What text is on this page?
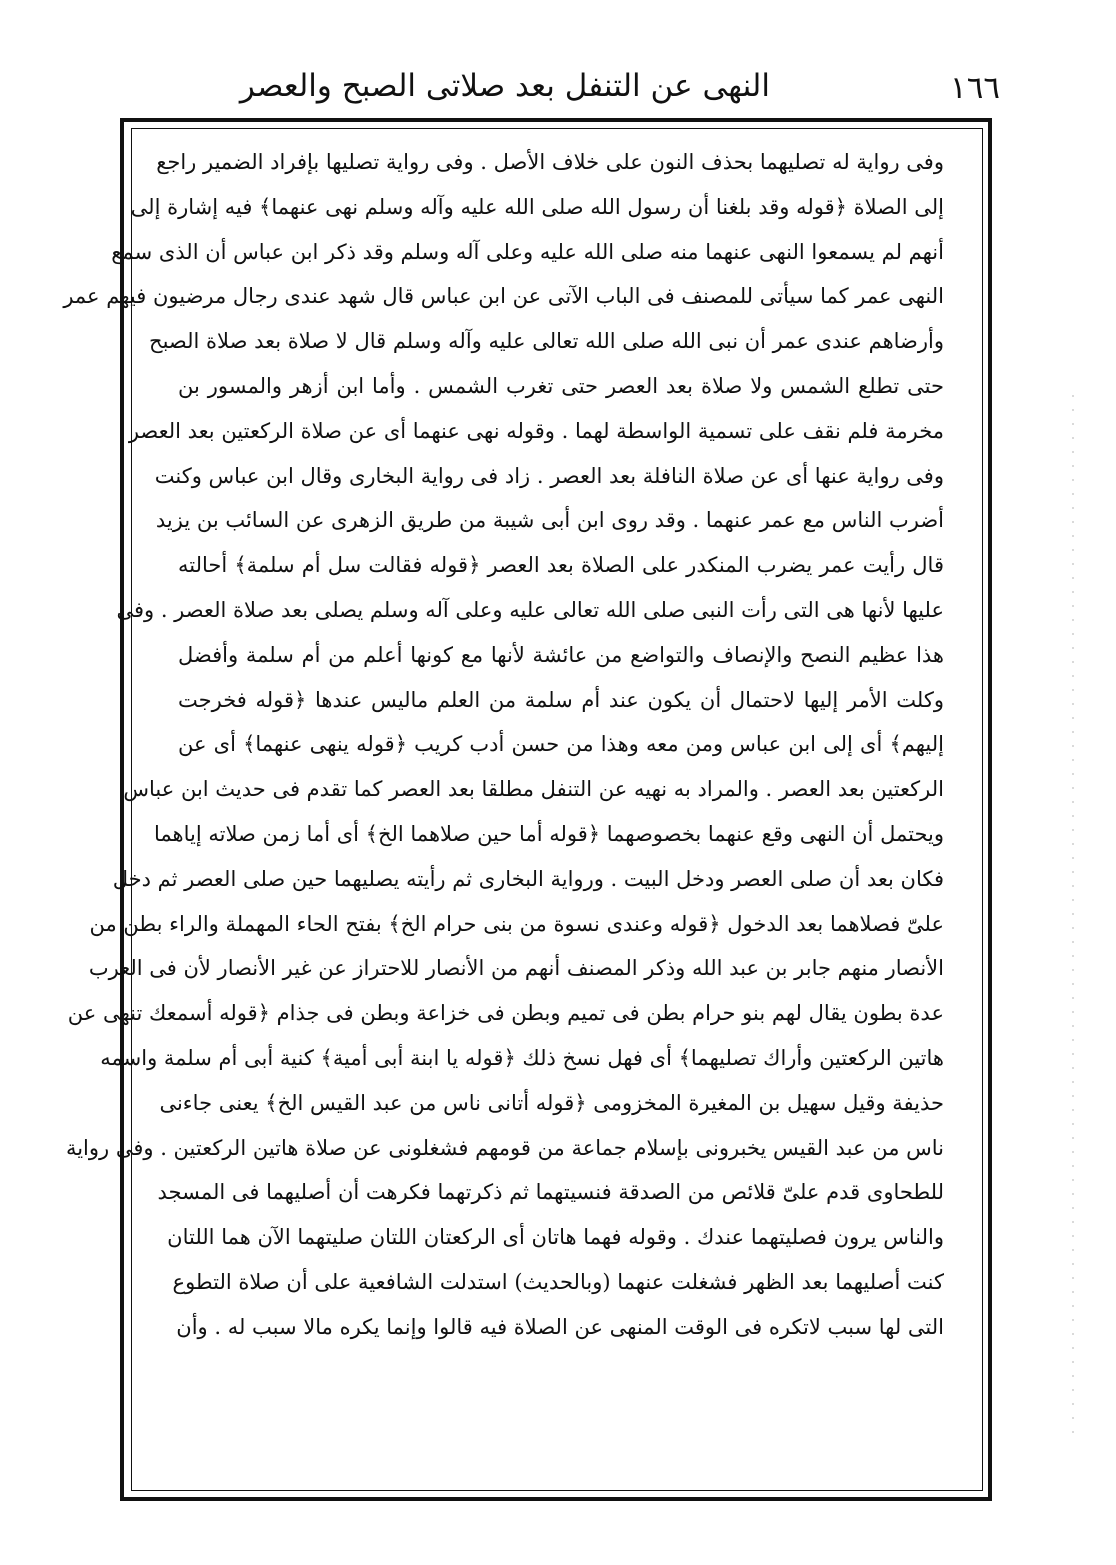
النهى عن التنفل بعد صلاتى الصبح والعصر	١٦٦
وفى رواية له تصليهما بحذف النون على خلاف الأصل . وفى رواية تصليها بإفراد الضمير راجع
إلى الصلاة ﴿قوله وقد بلغنا أن رسول الله صلى الله عليه وآله وسلم نهى عنهما﴾ فيه إشارة إلى
أنهم لم يسمعوا النهى عنهما منه صلى الله عليه وعلى آله وسلم وقد ذكر ابن عباس أن الذى سمع
النهى عمر كما سيأتى للمصنف فى الباب الآتى عن ابن عباس قال شهد عندى رجال مرضيون فيهم عمر
وأرضاهم عندى عمر أن نبى الله صلى الله تعالى عليه وآله وسلم قال لا صلاة بعد صلاة الصبح
حتى تطلع الشمس ولا صلاة بعد العصر حتى تغرب الشمس . وأما ابن أزهر والمسور بن
مخرمة فلم نقف على تسمية الواسطة لهما . وقوله نهى عنهما أى عن صلاة الركعتين بعد العصر
وفى رواية عنها أى عن صلاة النافلة بعد العصر . زاد فى رواية البخارى وقال ابن عباس وكنت
أضرب الناس مع عمر عنهما . وقد روى ابن أبى شيبة من طريق الزهرى عن السائب بن يزيد
قال رأيت عمر يضرب المنكدر على الصلاة بعد العصر ﴿قوله فقالت سل أم سلمة﴾ أحالته
عليها لأنها هى التى رأت النبى صلى الله تعالى عليه وعلى آله وسلم يصلى بعد صلاة العصر . وفى
هذا عظيم النصح والإنصاف والتواضع من عائشة لأنها مع كونها أعلم من أم سلمة وأفضل
وكلت الأمر إليها لاحتمال أن يكون عند أم سلمة من العلم ماليس عندها ﴿قوله فخرجت
إليهم﴾ أى إلى ابن عباس ومن معه وهذا من حسن أدب كريب ﴿قوله ينهى عنهما﴾ أى عن
الركعتين بعد العصر . والمراد به نهيه عن التنفل مطلقا بعد العصر كما تقدم فى حديث ابن عباس
ويحتمل أن النهى وقع عنهما بخصوصهما ﴿قوله أما حين صلاهما الخ﴾ أى أما زمن صلاته إياهما
فكان بعد أن صلى العصر ودخل البيت . ورواية البخارى ثم رأيته يصليهما حين صلى العصر ثم دخل
علىّ فصلاهما بعد الدخول ﴿قوله وعندى نسوة من بنى حرام الخ﴾ بفتح الحاء المهملة والراء بطن من
الأنصار منهم جابر بن عبد الله وذكر المصنف أنهم من الأنصار للاحتراز عن غير الأنصار لأن فى العرب
عدة بطون يقال لهم بنو حرام بطن فى تميم وبطن فى خزاعة وبطن فى جذام ﴿قوله أسمعك تنهى عن
هاتين الركعتين وأراك تصليهما﴾ أى فهل نسخ ذلك ﴿قوله يا ابنة أبى أمية﴾ كنية أبى أم سلمة واسمه
حذيفة وقيل سهيل بن المغيرة المخزومى ﴿قوله أتانى ناس من عبد القيس الخ﴾ يعنى جاءنى
ناس من عبد القيس يخبرونى بإسلام جماعة من قومهم فشغلونى عن صلاة هاتين الركعتين . وفى رواية
للطحاوى قدم علىّ قلائص من الصدقة فنسيتهما ثم ذكرتهما فكرهت أن أصليهما فى المسجد
والناس يرون فصليتهما عندك . وقوله فهما هاتان أى الركعتان اللتان صليتهما الآن هما اللتان
كنت أصليهما بعد الظهر فشغلت عنهما (وبالحديث) استدلت الشافعية على أن صلاة التطوع
التى لها سبب لاتكره فى الوقت المنهى عن الصلاة فيه قالوا وإنما يكره مالا سبب له . وأن
